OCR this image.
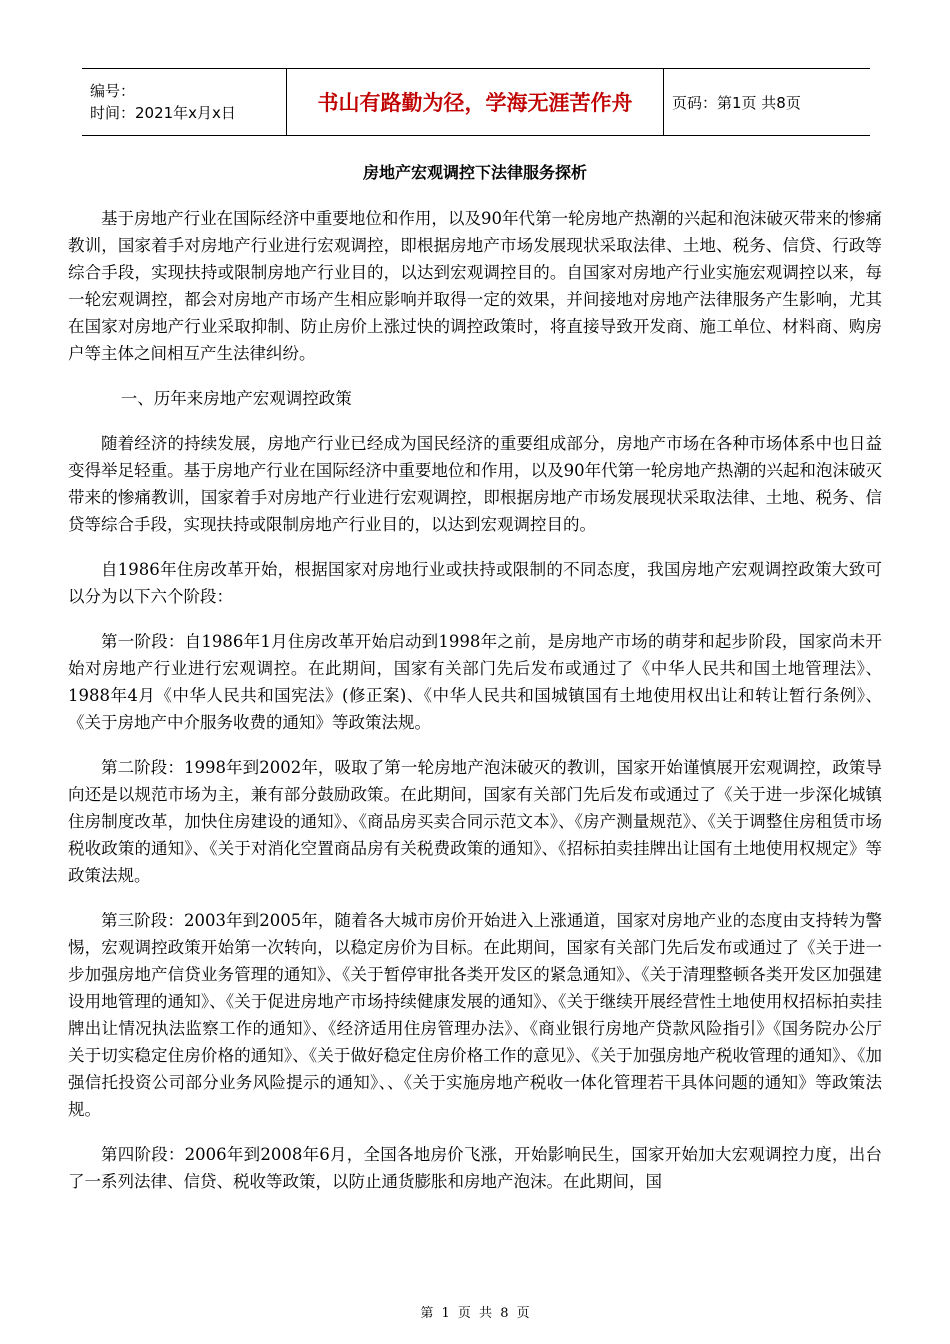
编号：
时间：2021年x月x日	书山有路勤为径，学海无涯苦作舟	页码：第1页 共8页
房地产宏观调控下法律服务探析

基于房地产行业在国际经济中重要地位和作用，以及90年代第一轮房地产热潮的兴起和泡沫破灭带来的惨痛教训，国家着手对房地产行业进行宏观调控，即根据房地产市场发展现状采取法律、土地、税务、信贷、行政等综合手段，实现扶持或限制房地产行业目的，以达到宏观调控目的。自国家对房地产行业实施宏观调控以来，每一轮宏观调控，都会对房地产市场产生相应影响并取得一定的效果，并间接地对房地产法律服务产生影响，尤其在国家对房地产行业采取抑制、防止房价上涨过快的调控政策时，将直接导致开发商、施工单位、材料商、购房户等主体之间相互产生法律纠纷。

一、历年来房地产宏观调控政策

随着经济的持续发展，房地产行业已经成为国民经济的重要组成部分，房地产市场在各种市场体系中也日益变得举足轻重。基于房地产行业在国际经济中重要地位和作用，以及90年代第一轮房地产热潮的兴起和泡沫破灭带来的惨痛教训，国家着手对房地产行业进行宏观调控，即根据房地产市场发展现状采取法律、土地、税务、信贷等综合手段，实现扶持或限制房地产行业目的，以达到宏观调控目的。

自1986年住房改革开始，根据国家对房地行业或扶持或限制的不同态度，我国房地产宏观调控政策大致可以分为以下六个阶段：

第一阶段：自1986年1月住房改革开始启动到1998年之前，是房地产市场的萌芽和起步阶段，国家尚未开始对房地产行业进行宏观调控。在此期间，国家有关部门先后发布或通过了《中华人民共和国土地管理法》、1988年4月《中华人民共和国宪法》(修正案)、《中华人民共和国城镇国有土地使用权出让和转让暂行条例》、《关于房地产中介服务收费的通知》等政策法规。

第二阶段：1998年到2002年，吸取了第一轮房地产泡沫破灭的教训，国家开始谨慎展开宏观调控，政策导向还是以规范市场为主，兼有部分鼓励政策。在此期间，国家有关部门先后发布或通过了《关于进一步深化城镇住房制度改革，加快住房建设的通知》、《商品房买卖合同示范文本》、《房产测量规范》、《关于调整住房租赁市场税收政策的通知》、《关于对消化空置商品房有关税费政策的通知》、《招标拍卖挂牌出让国有土地使用权规定》等政策法规。

第三阶段：2003年到2005年，随着各大城市房价开始进入上涨通道，国家对房地产业的态度由支持转为警惕，宏观调控政策开始第一次转向，以稳定房价为目标。在此期间，国家有关部门先后发布或通过了《关于进一步加强房地产信贷业务管理的通知》、《关于暂停审批各类开发区的紧急通知》、《关于清理整顿各类开发区加强建设用地管理的通知》、《关于促进房地产市场持续健康发展的通知》、《关于继续开展经营性土地使用权招标拍卖挂牌出让情况执法监察工作的通知》、《经济适用住房管理办法》、《商业银行房地产贷款风险指引》《国务院办公厅关于切实稳定住房价格的通知》、《关于做好稳定住房价格工作的意见》、《关于加强房地产税收管理的通知》、《加强信托投资公司部分业务风险提示的通知》、、《关于实施房地产税收一体化管理若干具体问题的通知》等政策法规。

第四阶段：2006年到2008年6月，全国各地房价飞涨，开始影响民生，国家开始加大宏观调控力度，出台了一系列法律、信贷、税收等政策，以防止通货膨胀和房地产泡沫。在此期间，国

第 1 页 共 8 页
